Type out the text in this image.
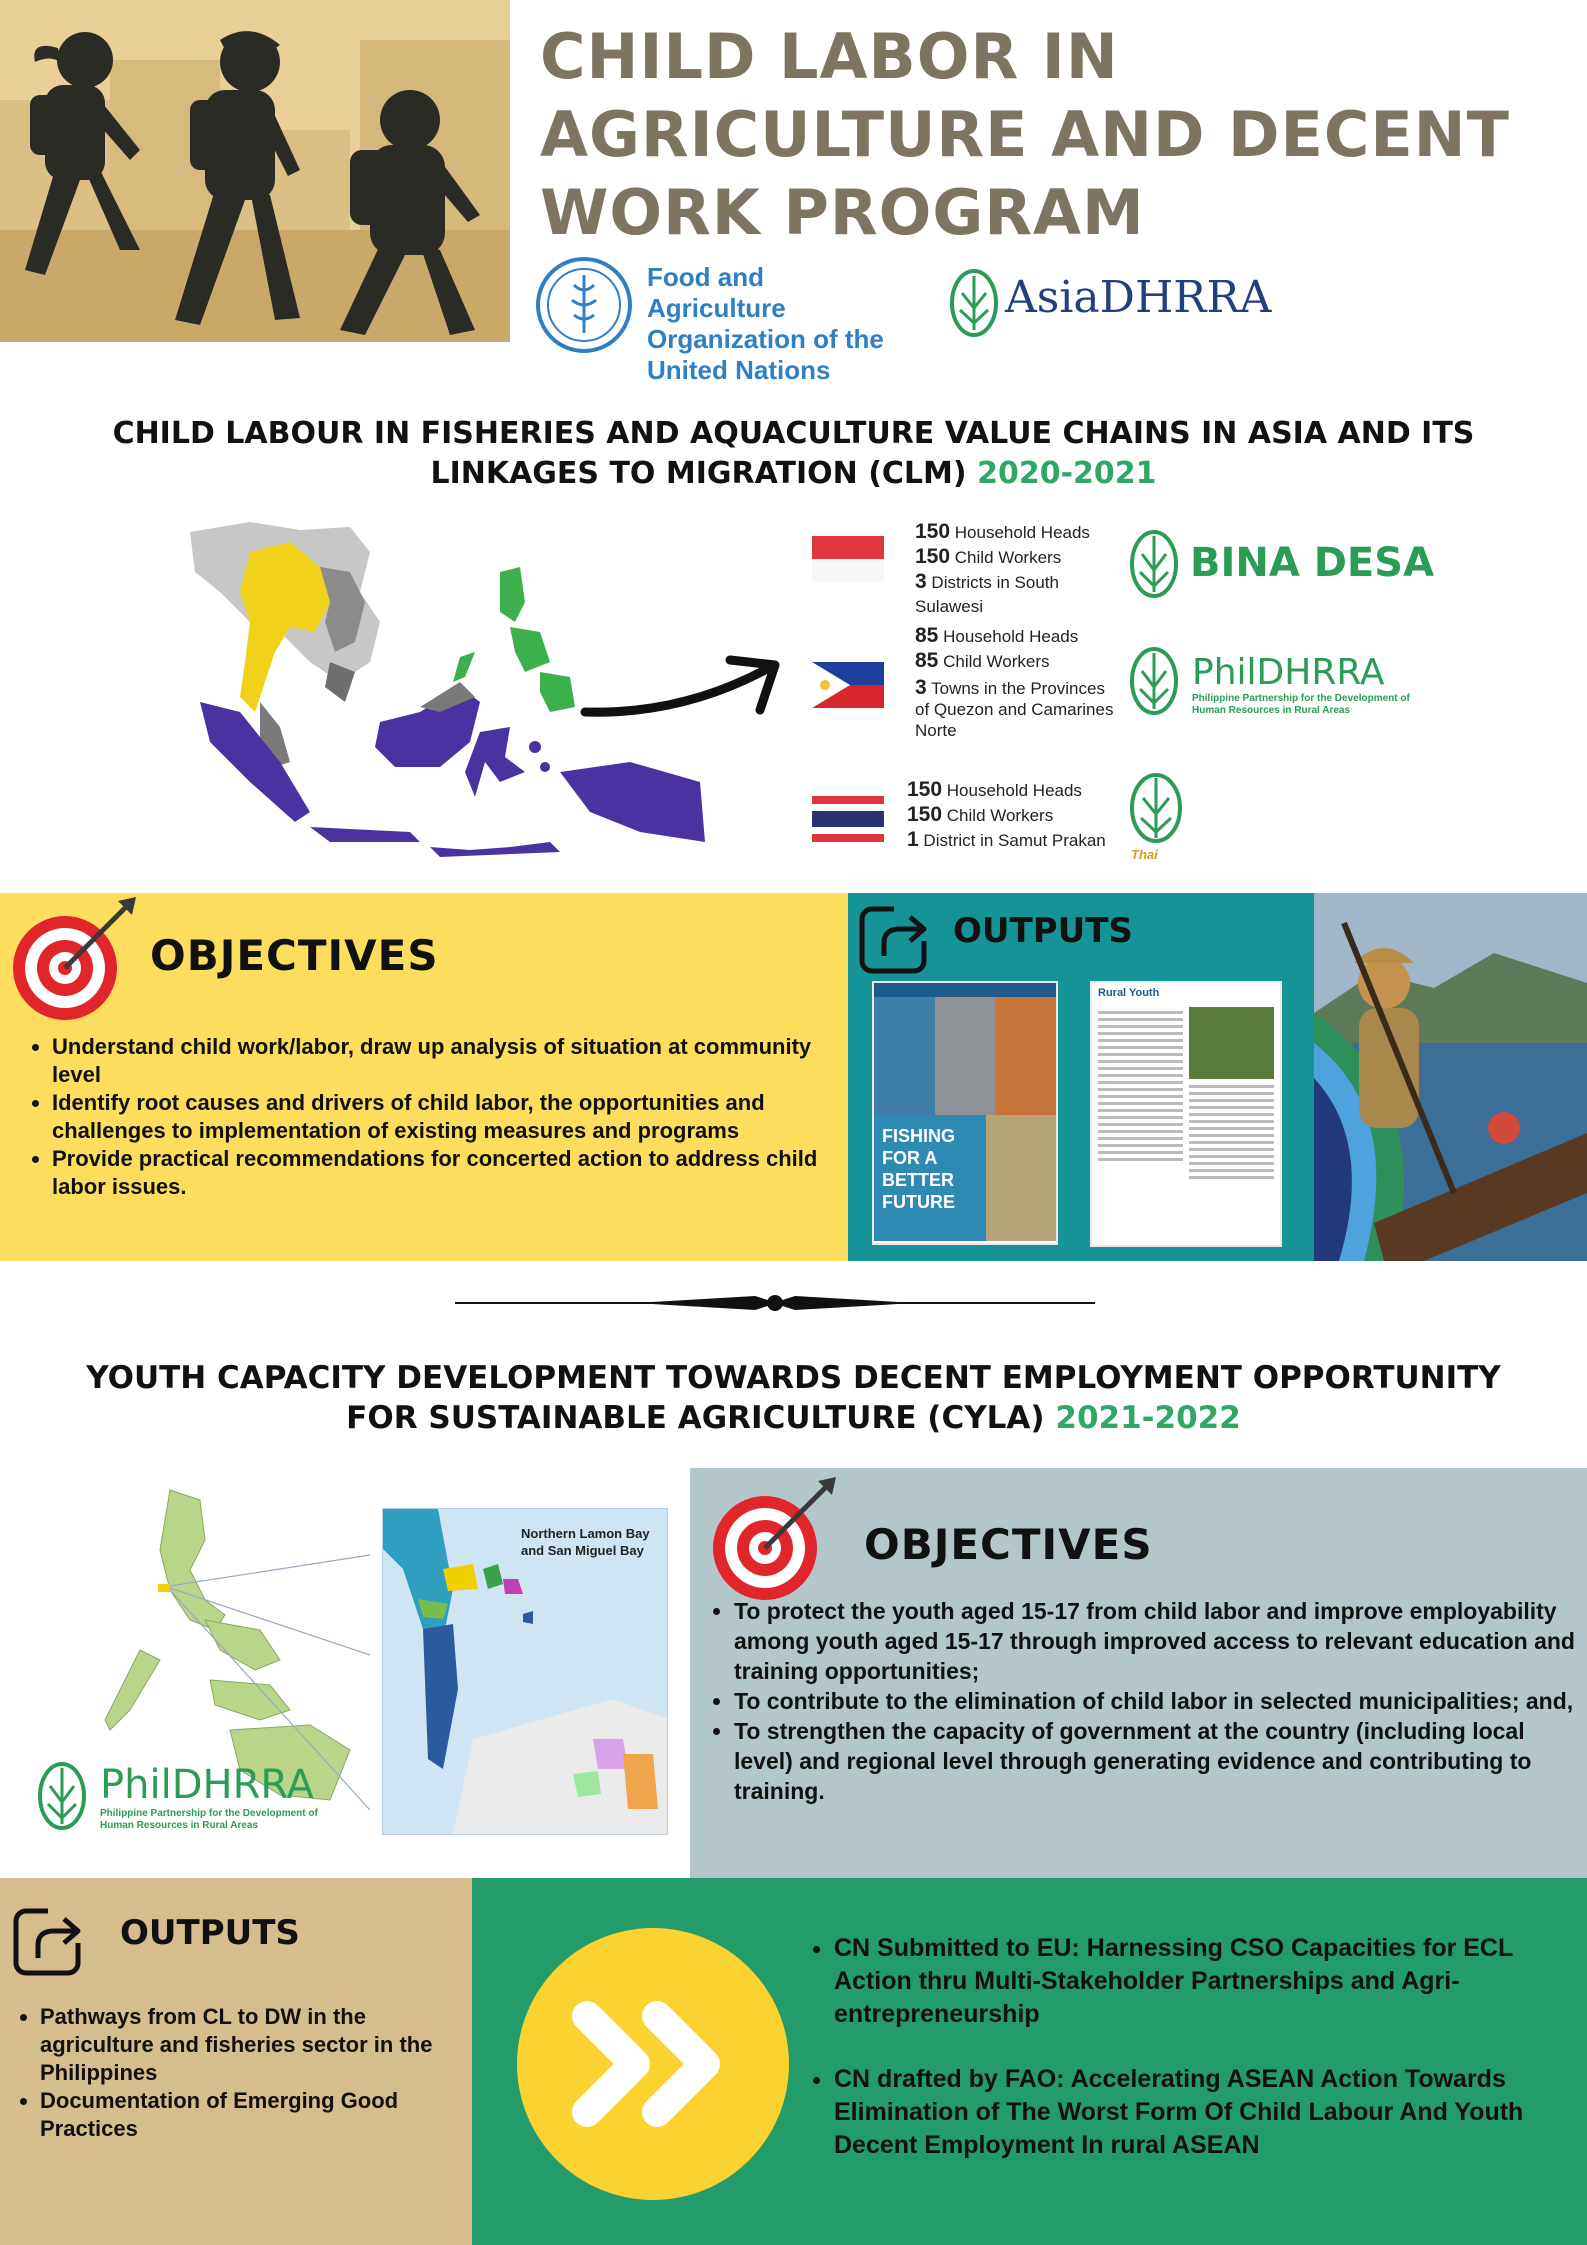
CHILD LABOR IN
AGRICULTURE AND DECENT
WORK PROGRAM
Food and Agriculture
Organization of the
United Nations
AsiaDHRRA
CHILD LABOUR IN FISHERIES AND AQUACULTURE VALUE CHAINS IN ASIA AND ITS
LINKAGES TO MIGRATION (CLM) 2020-2021
150 Household Heads
150 Child Workers
3 Districts in South Sulawesi
BINA DESA
85 Household Heads
85 Child Workers
3 Towns in the Provinces of Quezon and Camarines Norte
PhilDHRRA
Philippine Partnership for the Development of Human Resources in Rural Areas
150 Household Heads
150 Child Workers
1 District in Samut Prakan
Thai
OBJECTIVES
• Understand child work/labor, draw up analysis of situation at community level
• Identify root causes and drivers of child labor, the opportunities and challenges to implementation of existing measures and programs
• Provide practical recommendations for concerted action to address child labor issues.
OUTPUTS
FISHING FOR A BETTER FUTURE
Rural Youth
YOUTH CAPACITY DEVELOPMENT TOWARDS DECENT EMPLOYMENT OPPORTUNITY
FOR SUSTAINABLE AGRICULTURE (CYLA) 2021-2022
PhilDHRRA
Philippine Partnership for the Development of Human Resources in Rural Areas
Northern Lamon Bay and San Miguel Bay	OBJECTIVES
• To protect the youth aged 15-17 from child labor and improve employability among youth aged 15-17 through improved access to relevant education and training opportunities;
• To contribute to the elimination of child labor in selected municipalities; and,
• To strengthen the capacity of government at the country (including local level) and regional level through generating evidence and contributing to training.
OUTPUTS
• Pathways from CL to DW in the agriculture and fisheries sector in the Philippines
• Documentation of Emerging Good Practices
• CN Submitted to EU: Harnessing CSO Capacities for ECL Action thru Multi-Stakeholder Partnerships and Agri-entrepreneurship
• CN drafted by FAO: Accelerating ASEAN Action Towards Elimination of The Worst Form Of Child Labour And Youth Decent Employment In rural ASEAN
